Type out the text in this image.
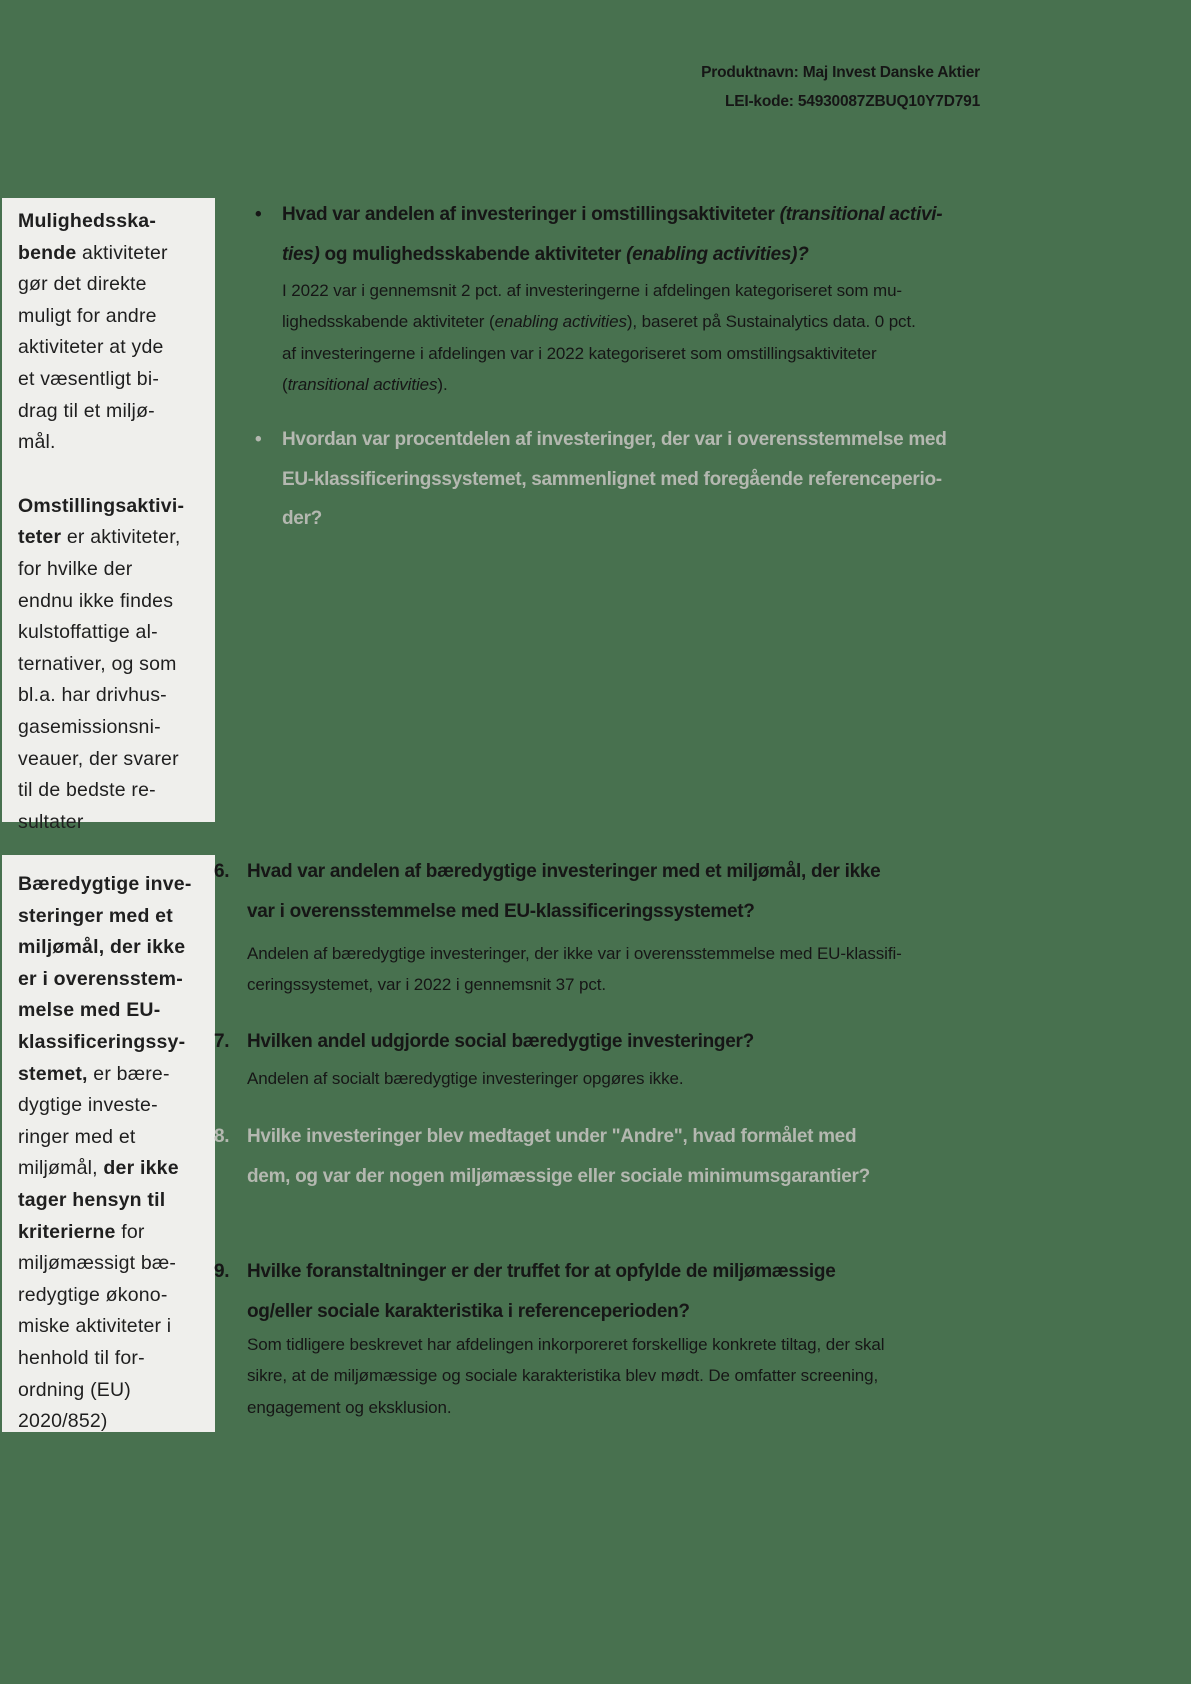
Produktnavn: Maj Invest Danske Aktier
LEI-kode: 54930087ZBUQ10Y7D791
Mulighedsska-
bende aktiviteter
gør det direkte
muligt for andre
aktiviteter at yde
et væsentligt bi-
drag til et miljø-
mål.
Omstillingsaktivi-
teter er aktiviteter,
for hvilke der
endnu ikke findes
kulstoffattige al-
ternativer, og som
bl.a. har drivhus-
gasemissionsni-
veauer, der svarer
til de bedste re-
sultater
Bæredygtige inve-
steringer med et
miljømål, der ikke
er i overensstem-
melse med EU-
klassificeringssy-
stemet, er bære-
dygtige investe-
ringer med et
miljømål, der ikke
tager hensyn til
kriterierne for
miljømæssigt bæ-
redygtige økono-
miske aktiviteter i
henhold til for-
ordning (EU)
2020/852)
• Hvad var andelen af investeringer i omstillingsaktiviteter (transitional activi-
ties) og mulighedsskabende aktiviteter (enabling activities)?
I 2022 var i gennemsnit 2 pct. af investeringerne i afdelingen kategoriseret som mu-
lighedsskabende aktiviteter (enabling activities), baseret på Sustainalytics data. 0 pct.
af investeringerne i afdelingen var i 2022 kategoriseret som omstillingsaktiviteter
(transitional activities).
• Hvordan var procentdelen af investeringer, der var i overensstemmelse med
EU-klassificeringssystemet, sammenlignet med foregående referenceperio-
der?
6. Hvad var andelen af bæredygtige investeringer med et miljømål, der ikke
var i overensstemmelse med EU-klassificeringssystemet?
Andelen af bæredygtige investeringer, der ikke var i overensstemmelse med EU-klassifi-
ceringssystemet, var i 2022 i gennemsnit 37 pct.
7. Hvilken andel udgjorde social bæredygtige investeringer?
Andelen af socialt bæredygtige investeringer opgøres ikke.
8. Hvilke investeringer blev medtaget under "Andre", hvad formålet med
dem, og var der nogen miljømæssige eller sociale minimumsgarantier?
9. Hvilke foranstaltninger er der truffet for at opfylde de miljømæssige
og/eller sociale karakteristika i referenceperioden?
Som tidligere beskrevet har afdelingen inkorporeret forskellige konkrete tiltag, der skal
sikre, at de miljømæssige og sociale karakteristika blev mødt. De omfatter screening,
engagement og eksklusion.
